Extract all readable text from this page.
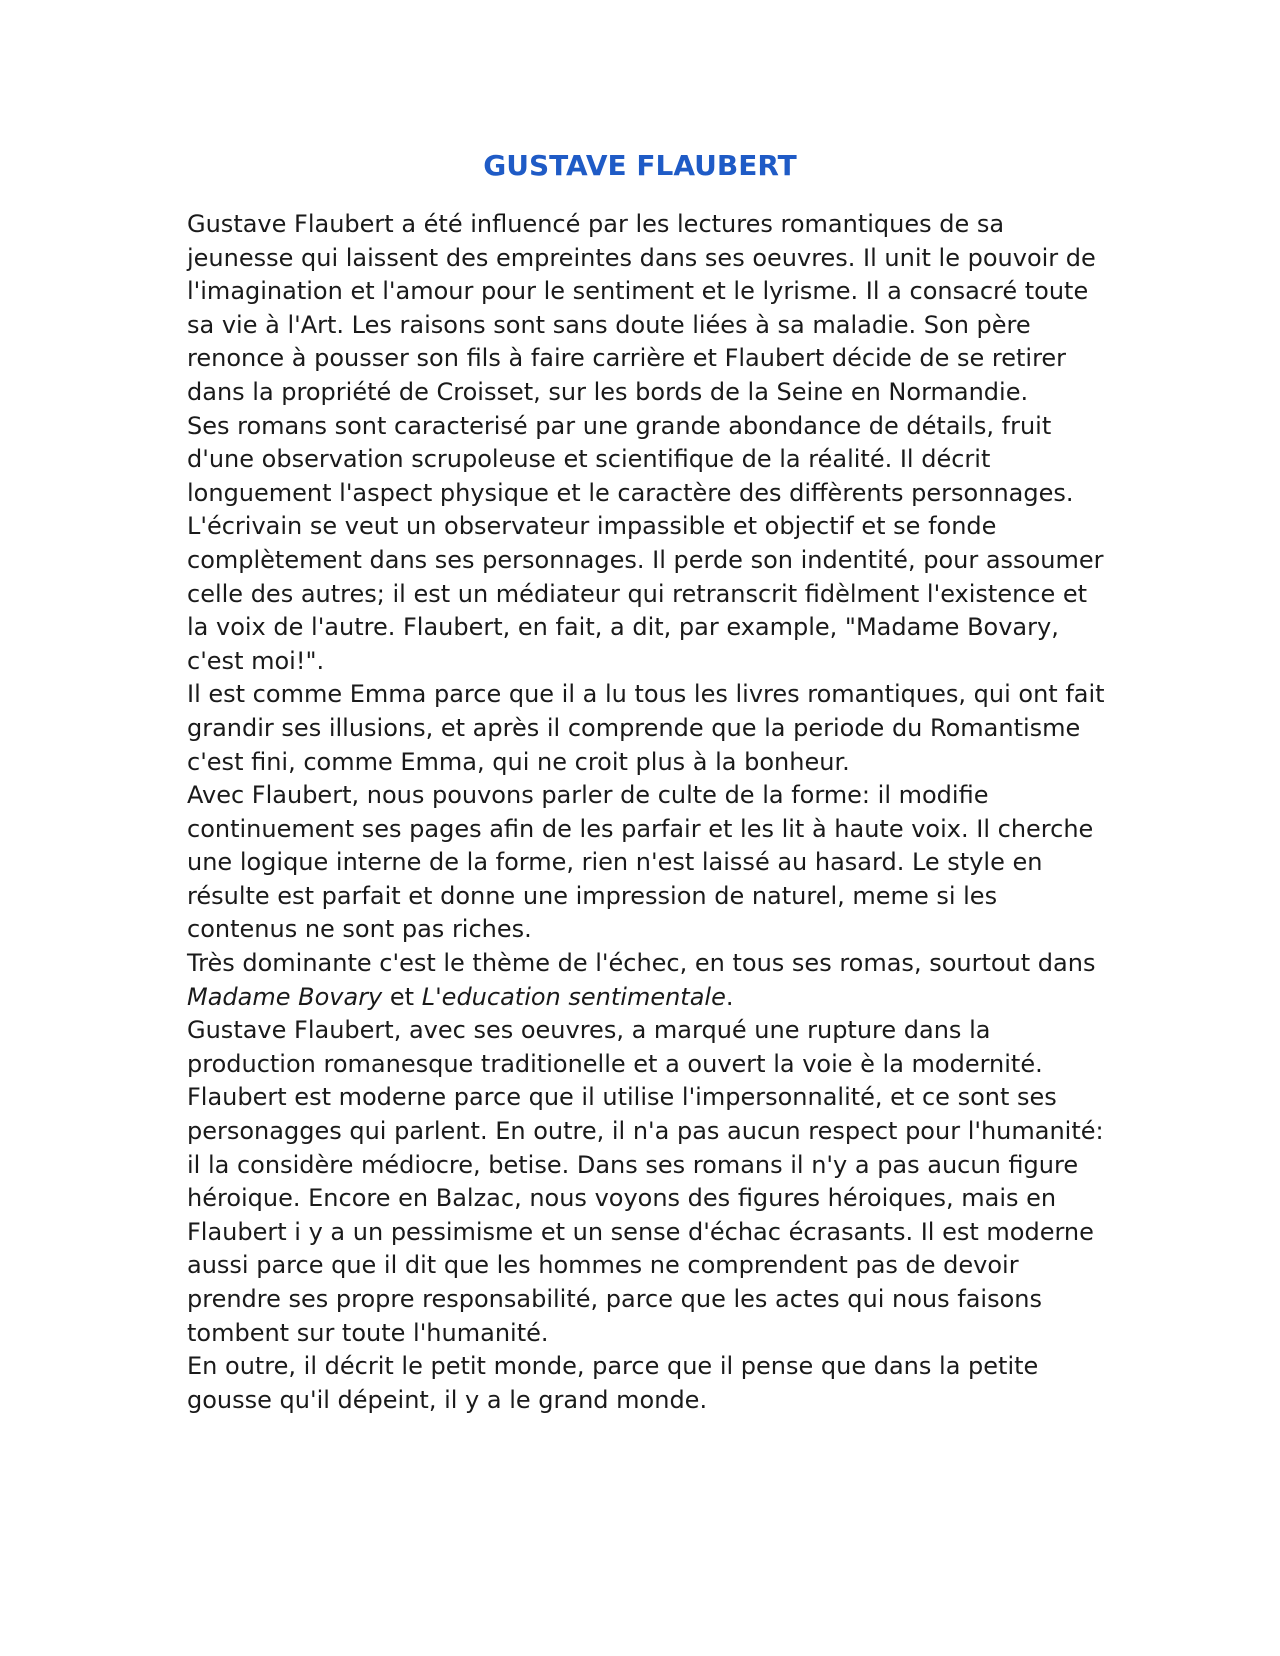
GUSTAVE FLAUBERT

Gustave Flaubert a été influencé par les lectures romantiques de sa jeunesse qui laissent des empreintes dans ses oeuvres. Il unit le pouvoir de l'imagination et l'amour pour le sentiment et le lyrisme. Il a consacré toute sa vie à l'Art. Les raisons sont sans doute liées à sa maladie. Son père renonce à pousser son fils à faire carrière et Flaubert décide de se retirer dans la propriété de Croisset, sur les bords de la Seine en Normandie.

Ses romans sont caracterisé par une grande abondance de détails, fruit d'une observation scrupoleuse et scientifique de la réalité. Il décrit longuement l'aspect physique et le caractère des diffèrents personnages. L'écrivain se veut un observateur impassible et objectif et se fonde complètement dans ses personnages. Il perde son indentité, pour assoumer celle des autres; il est un médiateur qui retranscrit fidèlment l'existence et la voix de l'autre. Flaubert, en fait, a dit, par example, "Madame Bovary, c'est moi!".

Il est comme Emma parce que il a lu tous les livres romantiques, qui ont fait grandir ses illusions, et après il comprende que la periode du Romantisme c'est fini, comme Emma, qui ne croit plus à la bonheur.

Avec Flaubert, nous pouvons parler de culte de la forme: il modifie continuement ses pages afin de les parfair et les lit à haute voix. Il cherche une logique interne de la forme, rien n'est laissé au hasard. Le style en résulte est parfait et donne une impression de naturel, meme si les contenus ne sont pas riches.

Très dominante c'est le thème de l'échec, en tous ses romas, sourtout dans Madame Bovary et L'education sentimentale.

Gustave Flaubert, avec ses oeuvres, a marqué une rupture dans la production romanesque traditionelle et a ouvert la voie è la modernité. Flaubert est moderne parce que il utilise l'impersonnalité, et ce sont ses personagges qui parlent. En outre, il n'a pas aucun respect pour l'humanité: il la considère médiocre, betise. Dans ses romans il n'y a pas aucun figure héroique. Encore en Balzac, nous voyons des figures héroiques, mais en Flaubert i y a un pessimisme et un sense d'échac écrasants. Il est moderne aussi parce que il dit que les hommes ne comprendent pas de devoir prendre ses propre responsabilité, parce que les actes qui nous faisons tombent sur toute l'humanité.

En outre, il décrit le petit monde, parce que il pense que dans la petite gousse qu'il dépeint, il y a le grand monde.
